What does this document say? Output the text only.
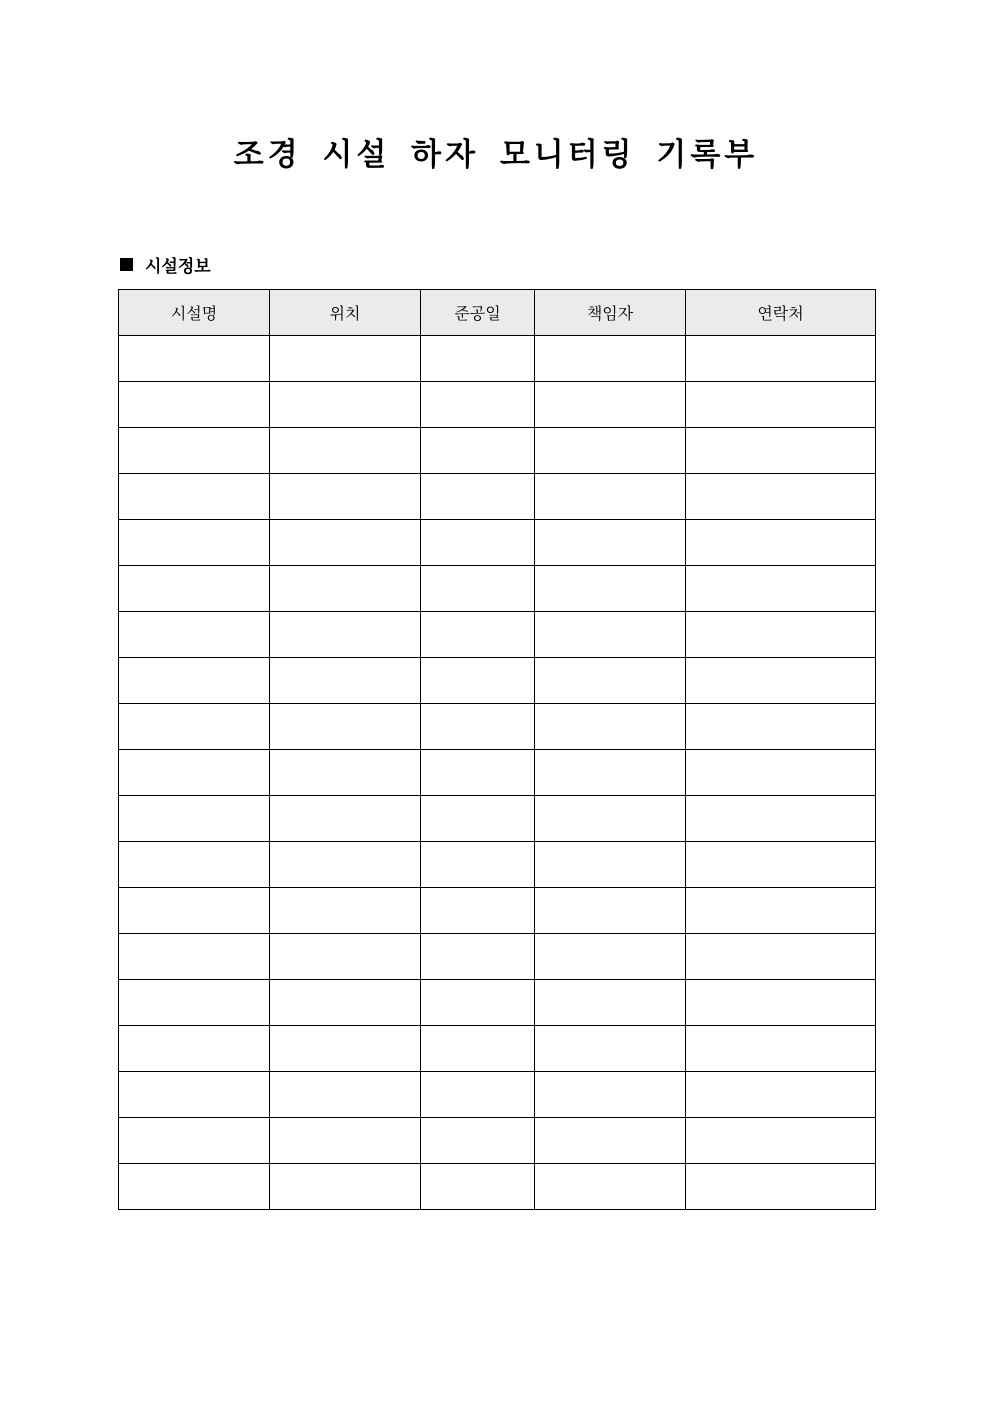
조경 시설 하자 모니터링 기록부
시설정보
시설명	위치	준공일	책임자	연락처
